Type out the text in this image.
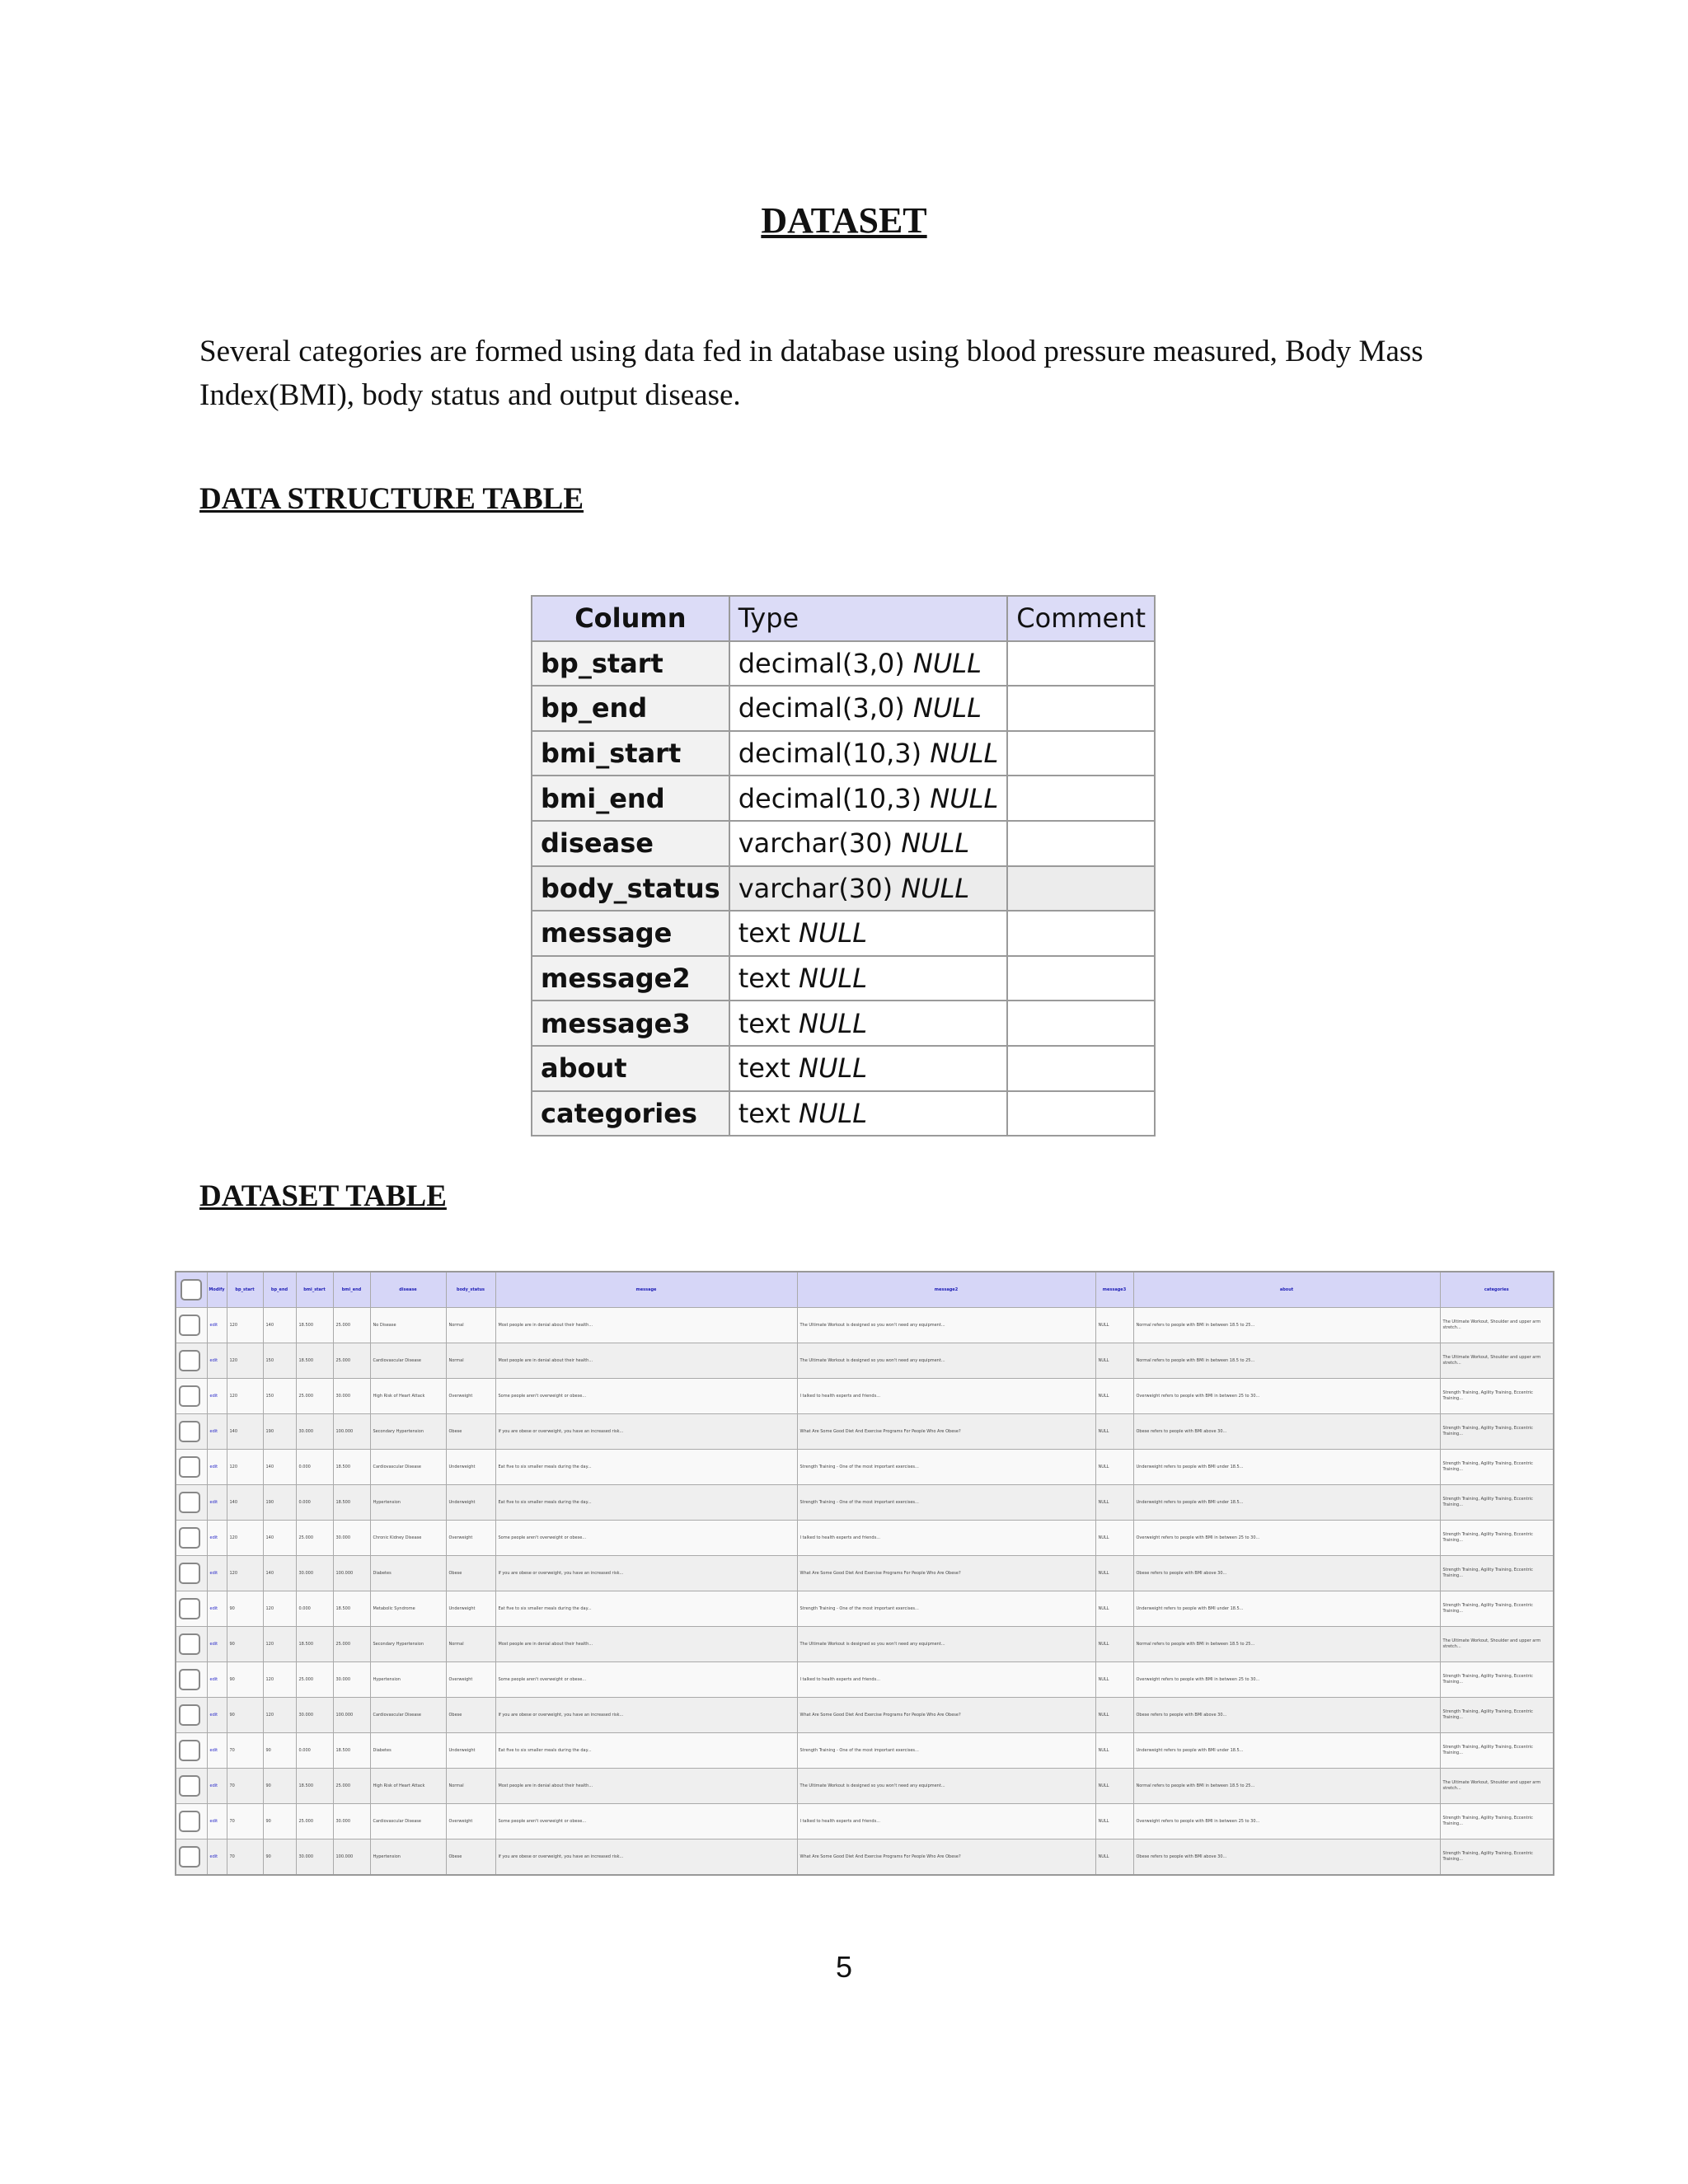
DATASET
Several categories are formed using data fed in database using blood pressure measured, Body Mass Index(BMI), body status and output disease.
DATA STRUCTURE TABLE
Column	Type	Comment
bp_start	decimal(3,0) NULL	
bp_end	decimal(3,0) NULL	
bmi_start	decimal(10,3) NULL	
bmi_end	decimal(10,3) NULL	
disease	varchar(30) NULL	
body_status	varchar(30) NULL	
message	text NULL	
message2	text NULL	
message3	text NULL	
about	text NULL	
categories	text NULL	
DATASET TABLE
	Modify	bp_start	bp_end	bmi_start	bmi_end	disease	body_status	message	message2	message3	about	categories
	edit	120	140	18.500	25.000	No Disease	Normal	Most people are in denial about their health...	The Ultimate Workout is designed so you won't need any equipment...	NULL	Normal refers to people with BMI in between 18.5 to 25...	The Ultimate Workout, Shoulder and upper arm stretch...
	edit	120	150	18.500	25.000	Cardiovascular Disease	Normal	Most people are in denial about their health...	The Ultimate Workout is designed so you won't need any equipment...	NULL	Normal refers to people with BMI in between 18.5 to 25...	The Ultimate Workout, Shoulder and upper arm stretch...
	edit	120	150	25.000	30.000	High Risk of Heart Attack	Overweight	Some people aren't overweight or obese...	I talked to health experts and friends...	NULL	Overweight refers to people with BMI in between 25 to 30...	Strength Training, Agility Training, Eccentric Training...
	edit	140	190	30.000	100.000	Secondary Hypertension	Obese	If you are obese or overweight, you have an increased risk...	What Are Some Good Diet And Exercise Programs For People Who Are Obese?	NULL	Obese refers to people with BMI above 30...	Strength Training, Agility Training, Eccentric Training...
	edit	120	140	0.000	18.500	Cardiovascular Disease	Underweight	Eat five to six smaller meals during the day...	Strength Training - One of the most important exercises...	NULL	Underweight refers to people with BMI under 18.5...	Strength Training, Agility Training, Eccentric Training...
	edit	140	190	0.000	18.500	Hypertension	Underweight	Eat five to six smaller meals during the day...	Strength Training - One of the most important exercises...	NULL	Underweight refers to people with BMI under 18.5...	Strength Training, Agility Training, Eccentric Training...
	edit	120	140	25.000	30.000	Chronic Kidney Disease	Overweight	Some people aren't overweight or obese...	I talked to health experts and friends...	NULL	Overweight refers to people with BMI in between 25 to 30...	Strength Training, Agility Training, Eccentric Training...
	edit	120	140	30.000	100.000	Diabetes	Obese	If you are obese or overweight, you have an increased risk...	What Are Some Good Diet And Exercise Programs For People Who Are Obese?	NULL	Obese refers to people with BMI above 30...	Strength Training, Agility Training, Eccentric Training...
	edit	90	120	0.000	18.500	Metabolic Syndrome	Underweight	Eat five to six smaller meals during the day...	Strength Training - One of the most important exercises...	NULL	Underweight refers to people with BMI under 18.5...	Strength Training, Agility Training, Eccentric Training...
	edit	90	120	18.500	25.000	Secondary Hypertension	Normal	Most people are in denial about their health...	The Ultimate Workout is designed so you won't need any equipment...	NULL	Normal refers to people with BMI in between 18.5 to 25...	The Ultimate Workout, Shoulder and upper arm stretch...
	edit	90	120	25.000	30.000	Hypertension	Overweight	Some people aren't overweight or obese...	I talked to health experts and friends...	NULL	Overweight refers to people with BMI in between 25 to 30...	Strength Training, Agility Training, Eccentric Training...
	edit	90	120	30.000	100.000	Cardiovascular Disease	Obese	If you are obese or overweight, you have an increased risk...	What Are Some Good Diet And Exercise Programs For People Who Are Obese?	NULL	Obese refers to people with BMI above 30...	Strength Training, Agility Training, Eccentric Training...
	edit	70	90	0.000	18.500	Diabetes	Underweight	Eat five to six smaller meals during the day...	Strength Training - One of the most important exercises...	NULL	Underweight refers to people with BMI under 18.5...	Strength Training, Agility Training, Eccentric Training...
	edit	70	90	18.500	25.000	High Risk of Heart Attack	Normal	Most people are in denial about their health...	The Ultimate Workout is designed so you won't need any equipment...	NULL	Normal refers to people with BMI in between 18.5 to 25...	The Ultimate Workout, Shoulder and upper arm stretch...
	edit	70	90	25.000	30.000	Cardiovascular Disease	Overweight	Some people aren't overweight or obese...	I talked to health experts and friends...	NULL	Overweight refers to people with BMI in between 25 to 30...	Strength Training, Agility Training, Eccentric Training...
	edit	70	90	30.000	100.000	Hypertension	Obese	If you are obese or overweight, you have an increased risk...	What Are Some Good Diet And Exercise Programs For People Who Are Obese?	NULL	Obese refers to people with BMI above 30...	Strength Training, Agility Training, Eccentric Training...
5
